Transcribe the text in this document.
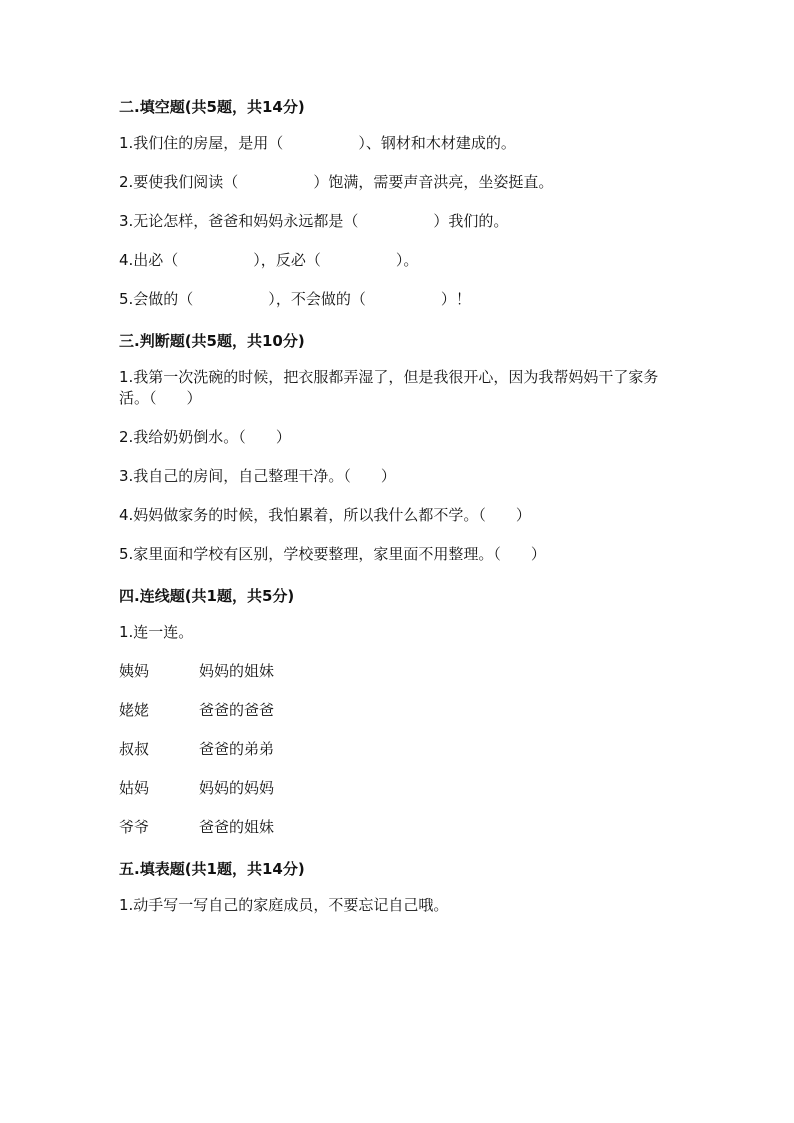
二.填空题(共5题，共14分)
1.我们住的房屋，是用（　　　　　）、钢材和木材建成的。
2.要使我们阅读（　　　　　）饱满，需要声音洪亮，坐姿挺直。
3.无论怎样，爸爸和妈妈永远都是（　　　　　）我们的。
4.出必（　　　　　），反必（　　　　　）。
5.会做的（　　　　　），不会做的（　　　　　）！
三.判断题(共5题，共10分)
1.我第一次洗碗的时候，把衣服都弄湿了，但是我很开心，因为我帮妈妈干了家务活。（　　）
2.我给奶奶倒水。（　　）
3.我自己的房间，自己整理干净。（　　）
4.妈妈做家务的时候，我怕累着，所以我什么都不学。（　　）
5.家里面和学校有区别，学校要整理，家里面不用整理。（　　）
四.连线题(共1题，共5分)
1.连一连。
姨妈	妈妈的姐妹
姥姥	爸爸的爸爸
叔叔	爸爸的弟弟
姑妈	妈妈的妈妈
爷爷	爸爸的姐妹
五.填表题(共1题，共14分)
1.动手写一写自己的家庭成员，不要忘记自己哦。
